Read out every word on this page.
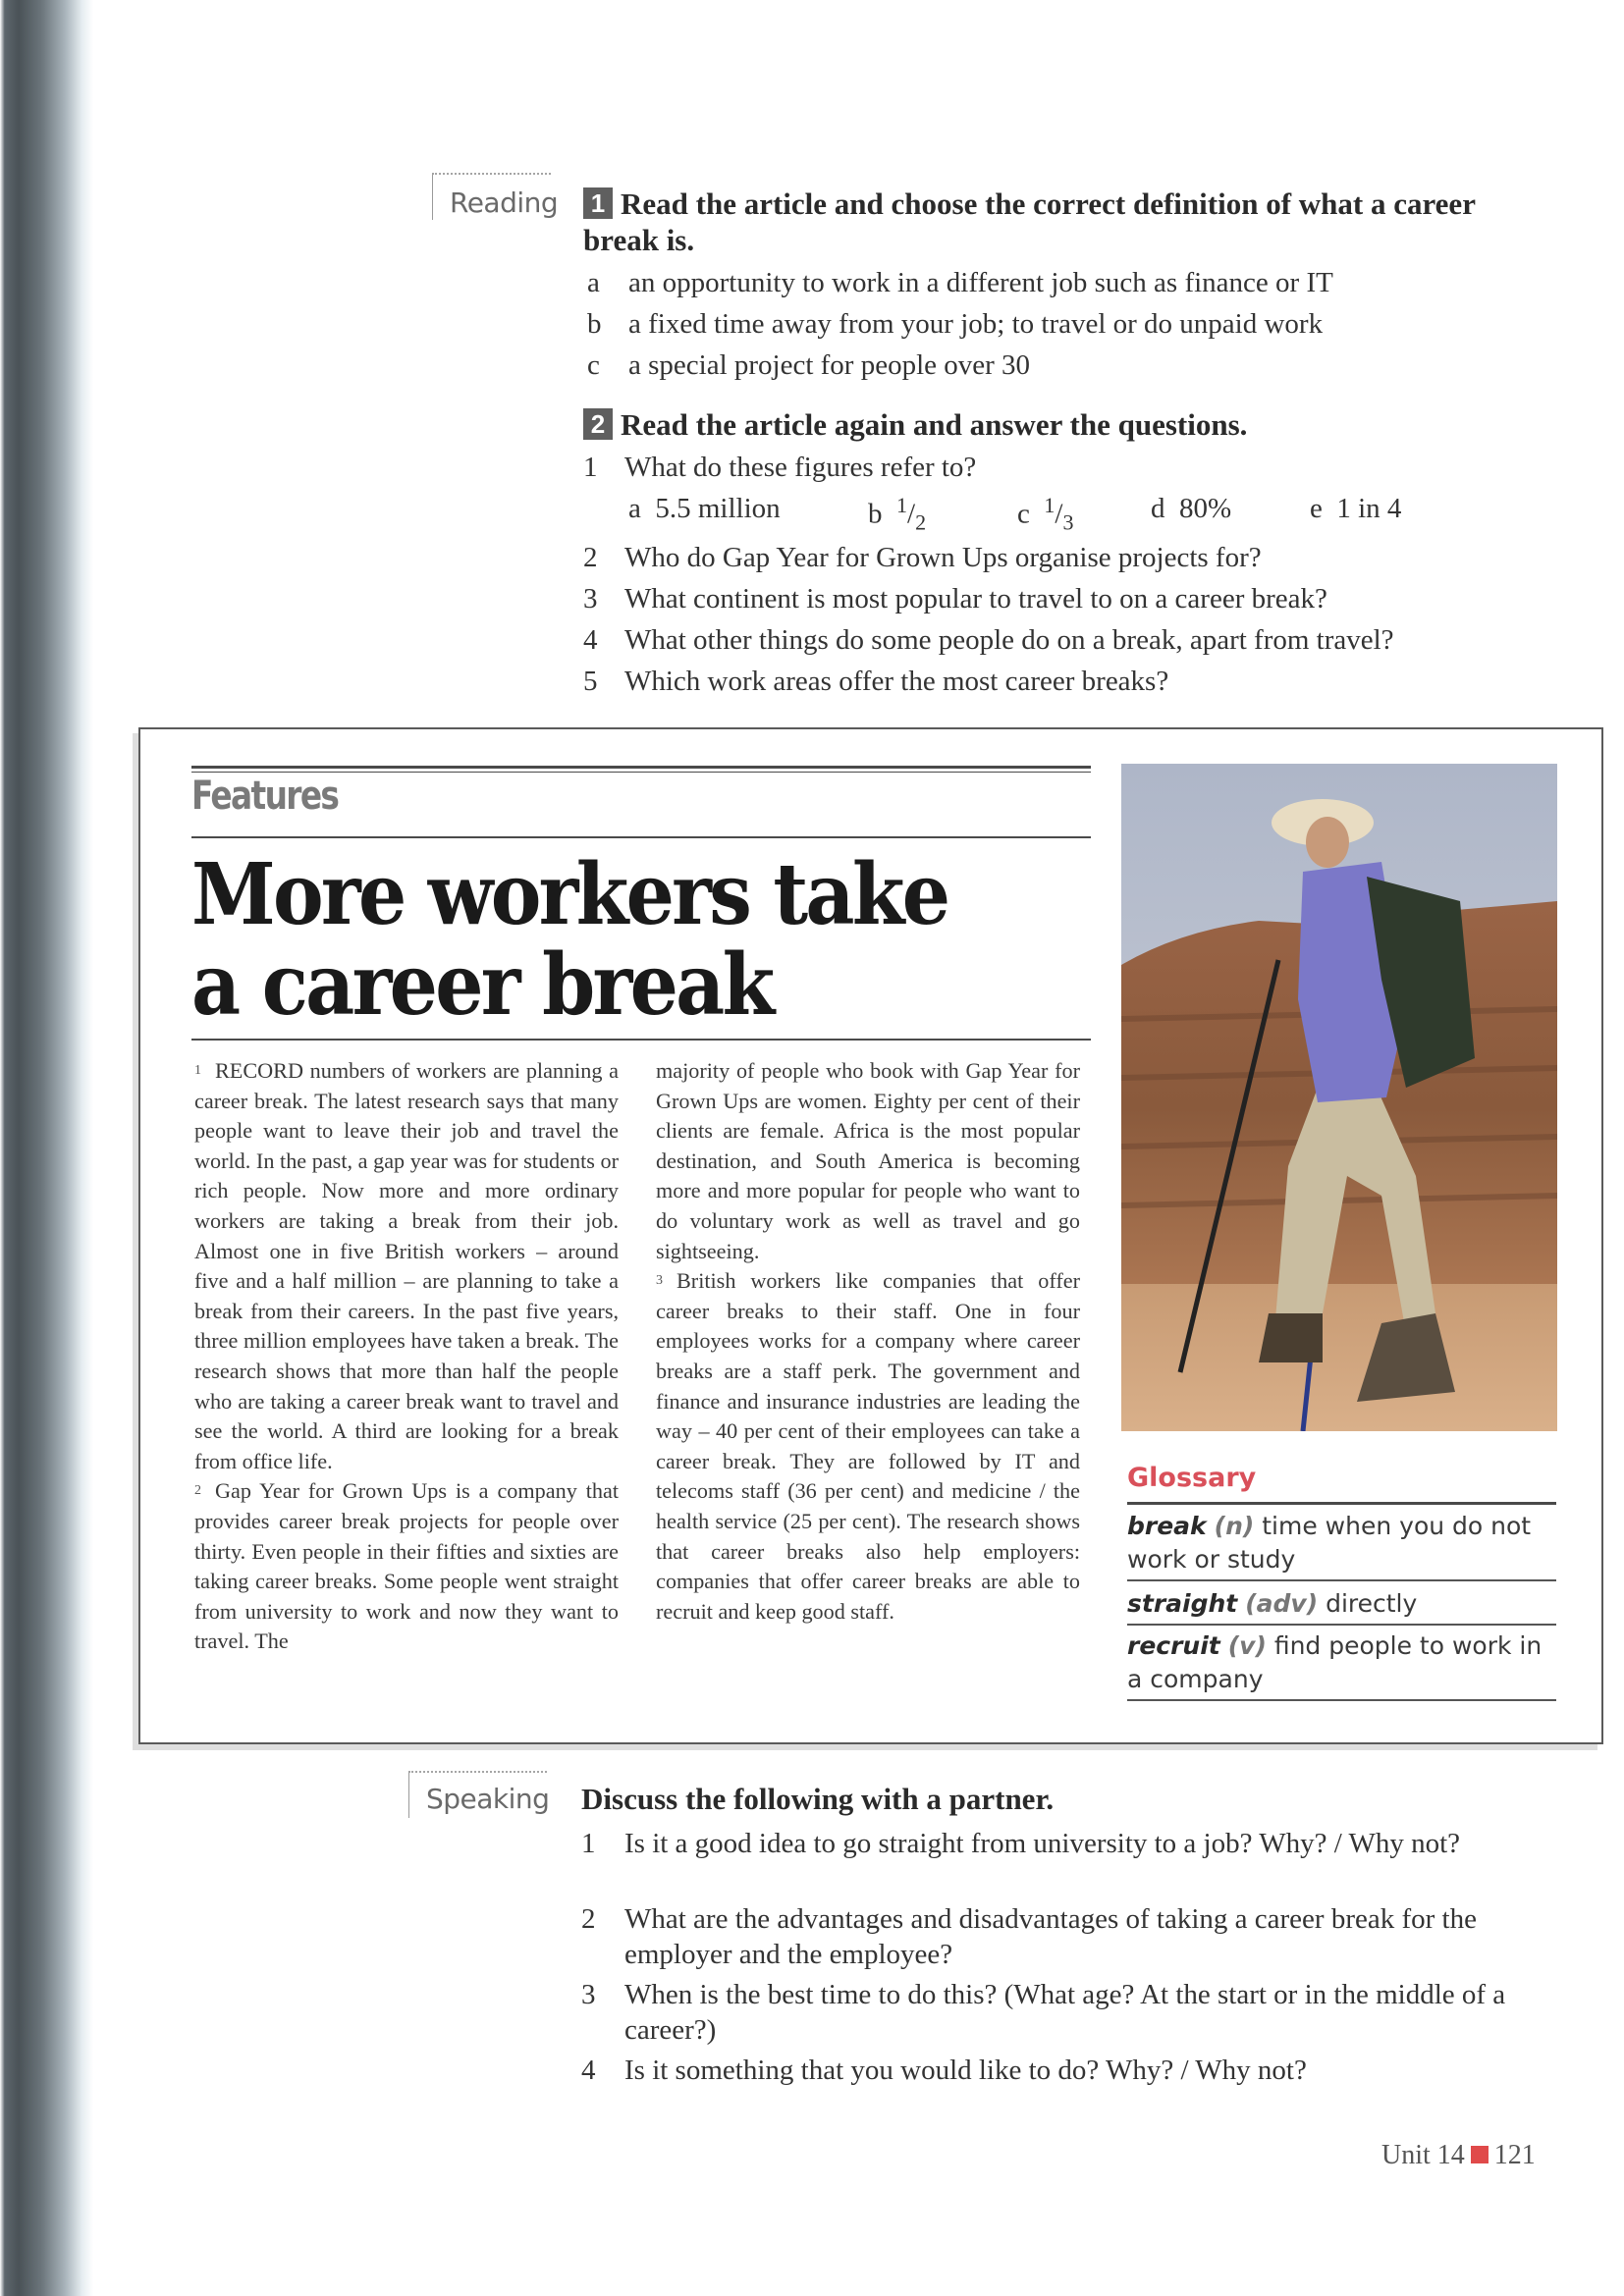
Reading 1 Read the article and choose the correct definition of what a career break is.
a an opportunity to work in a different job such as finance or IT
b a fixed time away from your job; to travel or do unpaid work
c a special project for people over 30
2 Read the article again and answer the questions.
1 What do these figures refer to?
a 5.5 million	b $^1/_2$	c $^1/_3$	d 80%	e 1 in 4
2 Who do Gap Year for Grown Ups organise projects for?
3 What continent is most popular to travel to on a career break?
4 What other things do some people do on a break, apart from travel?
5 Which work areas offer the most career breaks?
Features
More workers take
a career break

1 RECORD numbers of workers are planning a career break. The latest research says that many people want to leave their job and travel the world. In the past, a gap year was for students or rich people. Now more and more ordinary workers are taking a break from their job. Almost one in five British workers – around five and a half million – are planning to take a break from their careers. In the past five years, three million employees have taken a break. The research shows that more than half the people who are taking a career break want to travel and see the world. A third are looking for a break from office life.

2 Gap Year for Grown Ups is a company that provides career break projects for people over thirty. Even people in their fifties and sixties are taking career breaks. Some people went straight from university to work and now they want to travel. The

majority of people who book with Gap Year for Grown Ups are women. Eighty per cent of their clients are female. Africa is the most popular destination, and South America is becoming more and more popular for people who want to do voluntary work as well as travel and go sightseeing.

3 British workers like companies that offer career breaks to their staff. One in four employees works for a company where career breaks are a staff perk. The government and finance and insurance industries are leading the way – 40 per cent of their employees can take a career break. They are followed by IT and telecoms staff (36 per cent) and medicine / the health service (25 per cent). The research shows that career breaks also help employers: companies that offer career breaks are able to recruit and keep good staff.

Glossary
break (n) time when you do not work or study
straight (adv) directly
recruit (v) find people to work in a company
Speaking Discuss the following with a partner.
1	Is it a good idea to go straight from university to a job? Why? / Why not?
2	What are the advantages and disadvantages of taking a career break for the employer and the employee?
3	When is the best time to do this? (What age? At the start or in the middle of a career?)
4	Is it something that you would like to do? Why? / Why not?
Unit 14 121
